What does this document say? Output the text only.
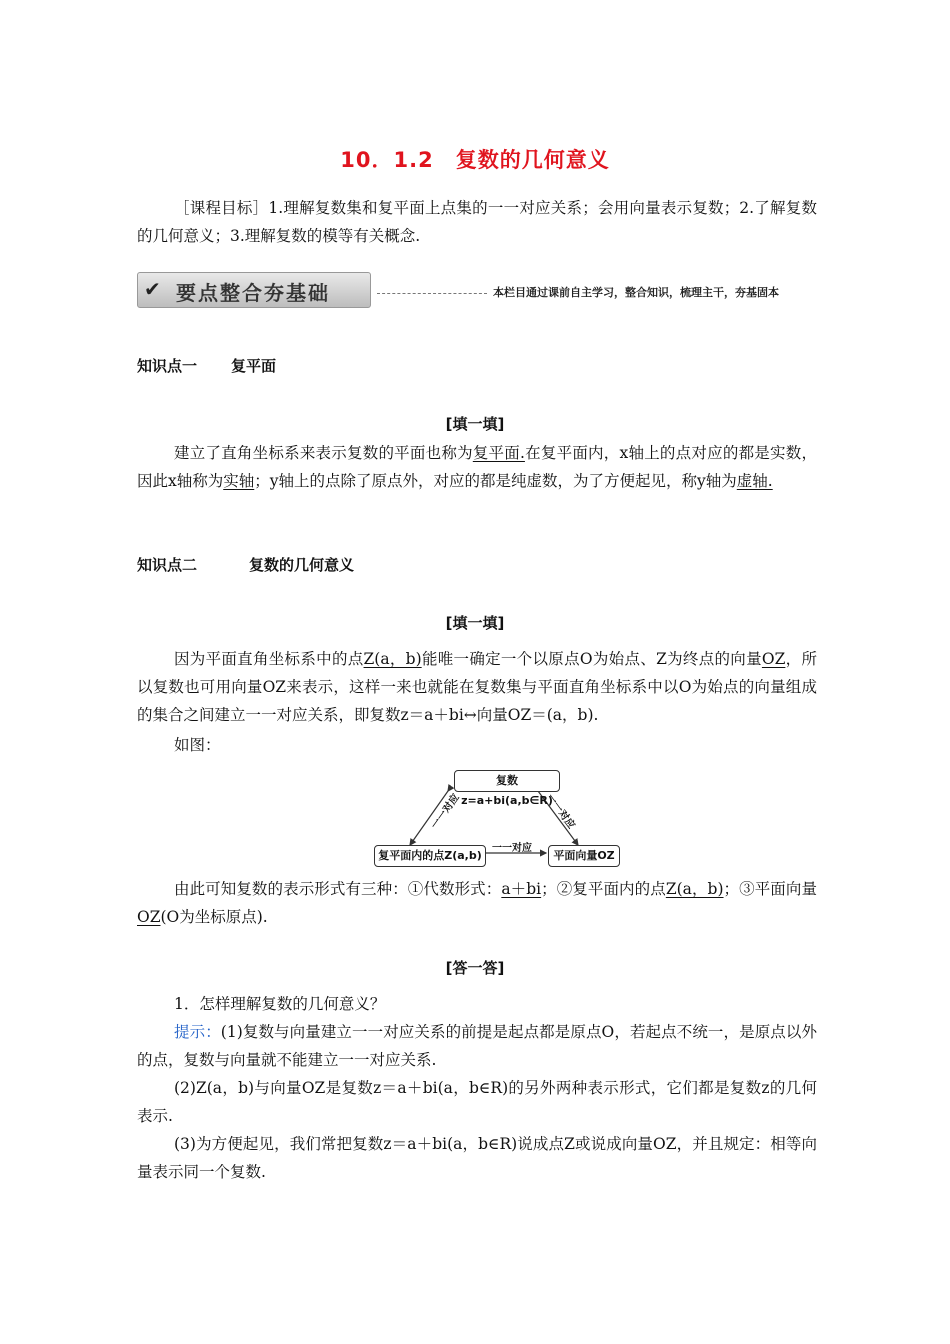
10．1.2　复数的几何意义
［课程目标］1.理解复数集和复平面上点集的一一对应关系；会用向量表示复数；2.了解复数的几何意义；3.理解复数的模等有关概念.
✔ 要点整合夯基础	本栏目通过课前自主学习，整合知识，梳理主干，夯基固本
知识点一 复平面
[填一填]
建立了直角坐标系来表示复数的平面也称为复平面.在复平面内，x轴上的点对应的都是实数，因此x轴称为实轴；y轴上的点除了原点外，对应的都是纯虚数，为了方便起见，称y轴为虚轴.
知识点二	复数的几何意义
[填一填]
因为平面直角坐标系中的点Z(a，b)能唯一确定一个以原点O为始点、Z为终点的向量OZ，所以复数也可用向量OZ来表示，这样一来也就能在复数集与平面直角坐标系中以O为始点的向量组成的集合之间建立一一对应关系，即复数z＝a＋bi↔向量OZ＝(a，b).
如图：
复数z=a+bi(a,b∈R)
复平面内的点Z(a,b)	平面向量OZ
一一对应	一一对应
一一对应
由此可知复数的表示形式有三种：①代数形式：a＋bi；②复平面内的点Z(a，b)；③平面向量OZ(O为坐标原点).
[答一答]
1．怎样理解复数的几何意义？
提示：(1)复数与向量建立一一对应关系的前提是起点都是原点O，若起点不统一，是原点以外的点，复数与向量就不能建立一一对应关系.
(2)Z(a，b)与向量OZ是复数z＝a＋bi(a，b∈R)的另外两种表示形式，它们都是复数z的几何表示.
(3)为方便起见，我们常把复数z＝a＋bi(a，b∈R)说成点Z或说成向量OZ，并且规定：相等向量表示同一个复数.
